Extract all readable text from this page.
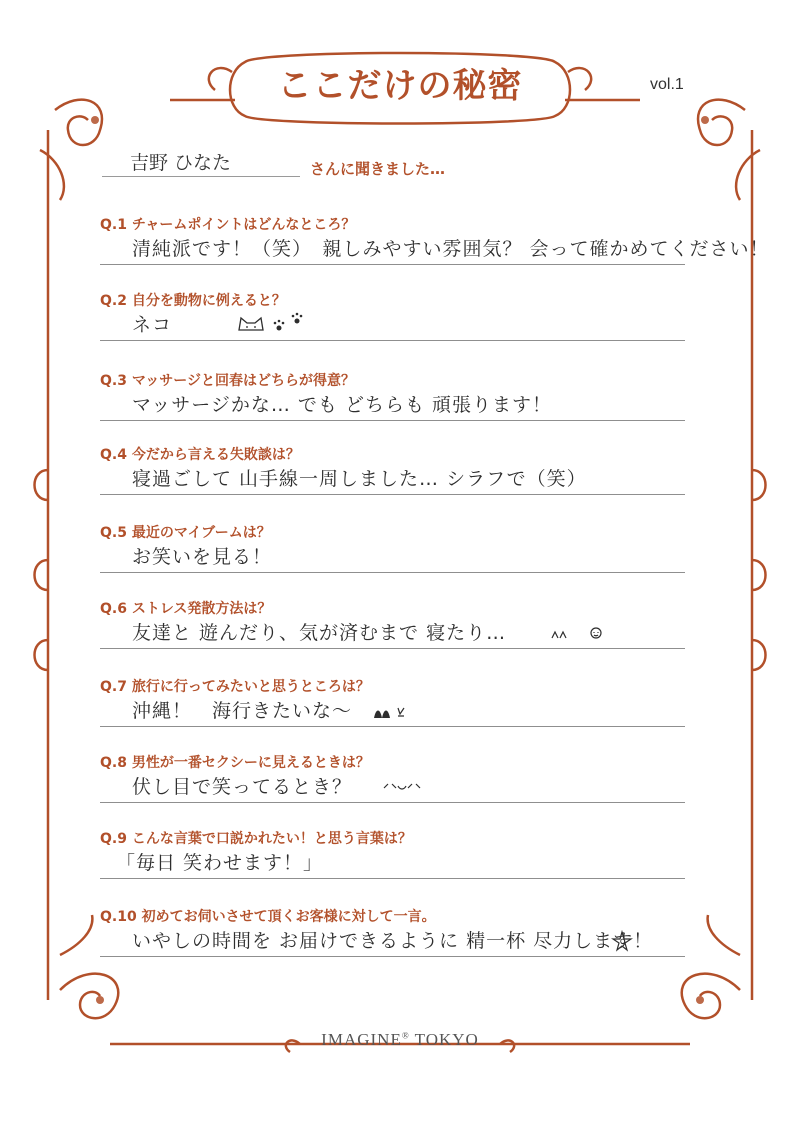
ここだけの秘密	vol.1
吉野 ひなた	さんに聞きました…
Q.1 チャームポイントはどんなところ？
清純派です！（笑）　親しみやすい雰囲気？ 会って確かめてください！
Q.2 自分を動物に例えると？
ネコ
Q.3 マッサージと回春はどちらが得意？
マッサージかな… でも どちらも 頑張ります！
Q.4 今だから言える失敗談は？
寝過ごして 山手線一周しました… シラフで（笑）
Q.5 最近のマイブームは？
お笑いを見る！
Q.6 ストレス発散方法は？
友達と 遊んだり、気が済むまで 寝たり…
Q.7 旅行に行ってみたいと思うところは？
沖縄！　海行きたいな～
Q.8 男性が一番セクシーに見えるときは？
伏し目で笑ってるとき？
Q.9 こんな言葉で口説かれたい！と思う言葉は？
「毎日 笑わせます！」
Q.10 初めてお伺いさせて頂くお客様に対して一言。
いやしの時間を お届けできるように 精一杯 尽力します！
IMAGINE® TOKYO
